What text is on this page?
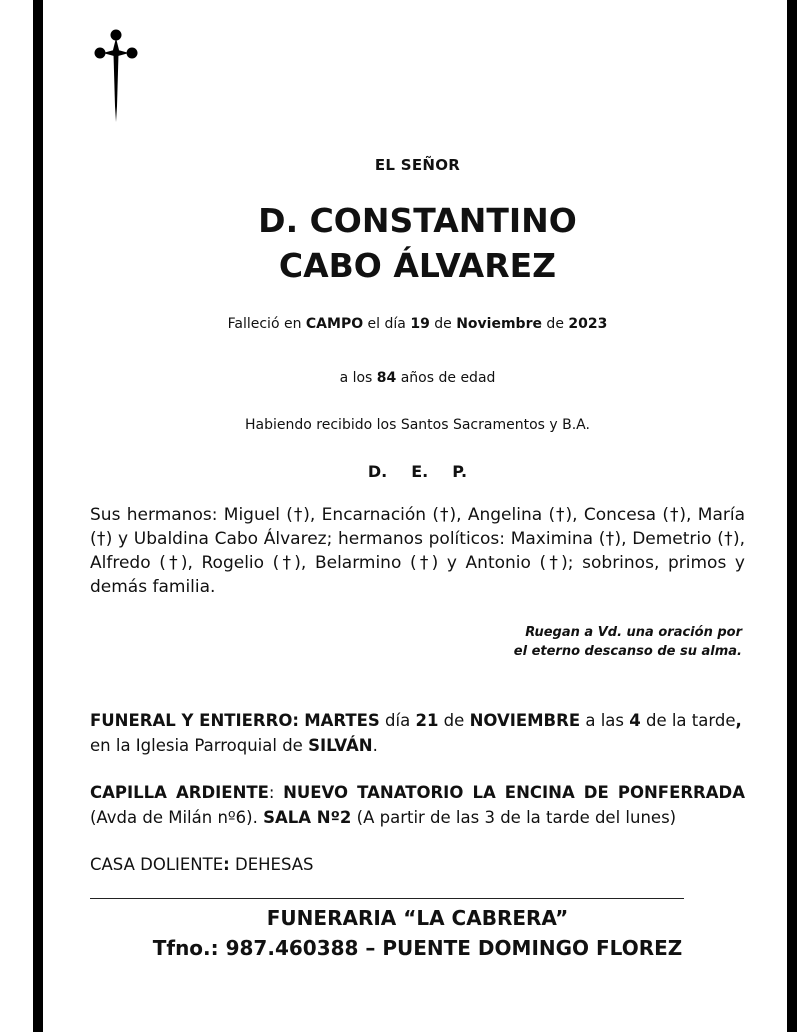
EL SEÑOR
D. CONSTANTINO
CABO ÁLVAREZ
Falleció en CAMPO el día 19 de Noviembre de 2023
a los 84 años de edad
Habiendo recibido los Santos Sacramentos y B.A.
D. E. P.
Sus hermanos: Miguel (†), Encarnación (†), Angelina (†), Concesa (†), María (†) y Ubaldina Cabo Álvarez; hermanos políticos: Maximina (†), Demetrio (†), Alfredo (†), Rogelio (†), Belarmino (†) y Antonio (†); sobrinos, primos y demás familia.
Ruegan a Vd. una oración por
el eterno descanso de su alma.
FUNERAL Y ENTIERRO: MARTES día 21 de NOVIEMBRE a las 4 de la tarde, en la Iglesia Parroquial de SILVÁN.
CAPILLA ARDIENTE: NUEVO TANATORIO LA ENCINA DE PONFERRADA (Avda de Milán nº6). SALA Nº2 (A partir de las 3 de la tarde del lunes)
CASA DOLIENTE: DEHESAS
FUNERARIA “LA CABRERA”
Tfno.: 987.460388 – PUENTE DOMINGO FLOREZ
